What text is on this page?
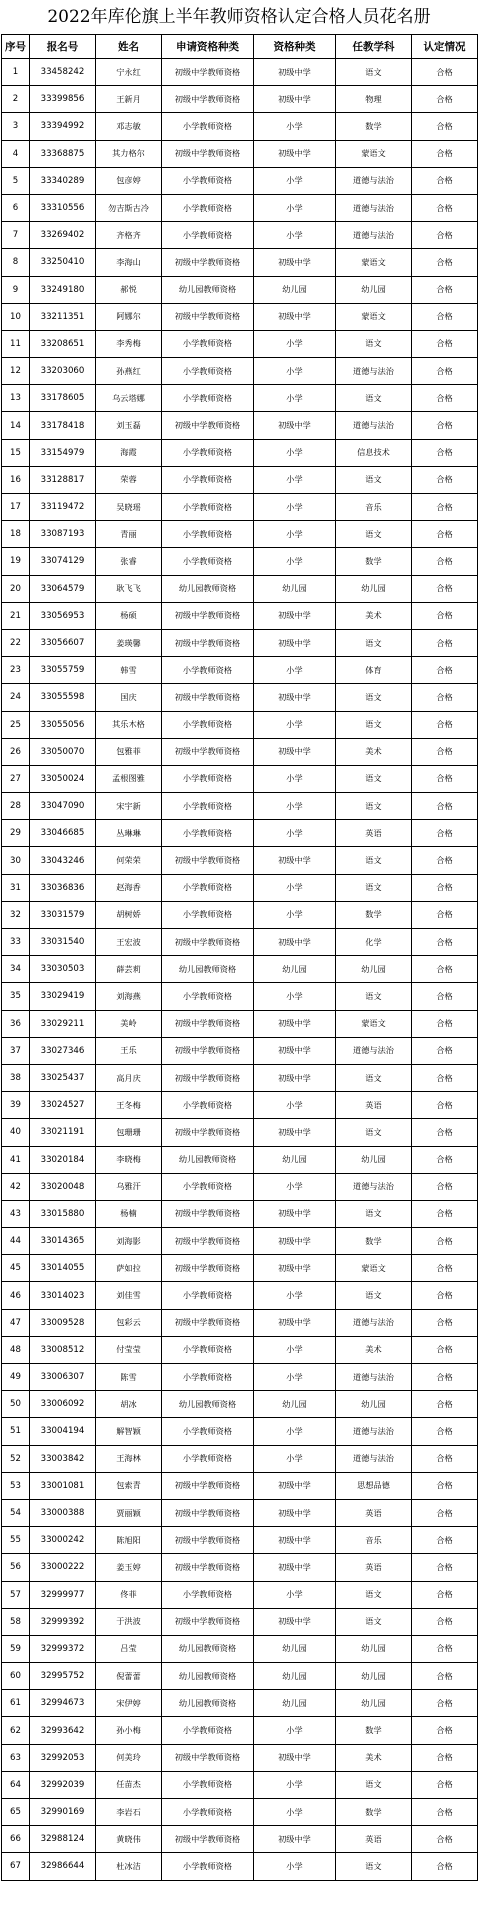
2022年库伦旗上半年教师资格认定合格人员花名册
序号	报名号	姓名	申请资格种类	资格种类	任教学科	认定情况
1	33458242	宁永红	初级中学教师资格	初级中学	语文	合格
2	33399856	王新月	初级中学教师资格	初级中学	物理	合格
3	33394992	邓志敏	小学教师资格	小学	数学	合格
4	33368875	其力格尔	初级中学教师资格	初级中学	蒙语文	合格
5	33340289	包彦婷	小学教师资格	小学	道德与法治	合格
6	33310556	勿吉斯古冷	小学教师资格	小学	道德与法治	合格
7	33269402	齐格齐	小学教师资格	小学	道德与法治	合格
8	33250410	李海山	初级中学教师资格	初级中学	蒙语文	合格
9	33249180	郝悦	幼儿园教师资格	幼儿园	幼儿园	合格
10	33211351	阿娜尔	初级中学教师资格	初级中学	蒙语文	合格
11	33208651	李秀梅	小学教师资格	小学	语文	合格
12	33203060	孙燕红	小学教师资格	小学	道德与法治	合格
13	33178605	乌云塔娜	小学教师资格	小学	语文	合格
14	33178418	刘玉磊	初级中学教师资格	初级中学	道德与法治	合格
15	33154979	海霞	小学教师资格	小学	信息技术	合格
16	33128817	荣蓉	小学教师资格	小学	语文	合格
17	33119472	吴晓瑶	小学教师资格	小学	音乐	合格
18	33087193	青丽	小学教师资格	小学	语文	合格
19	33074129	张睿	小学教师资格	小学	数学	合格
20	33064579	耿飞飞	幼儿园教师资格	幼儿园	幼儿园	合格
21	33056953	杨硕	初级中学教师资格	初级中学	美术	合格
22	33056607	姜瑛馨	初级中学教师资格	初级中学	语文	合格
23	33055759	韩雪	小学教师资格	小学	体育	合格
24	33055598	国庆	初级中学教师资格	初级中学	语文	合格
25	33055056	其乐木格	小学教师资格	小学	语文	合格
26	33050070	包雅菲	初级中学教师资格	初级中学	美术	合格
27	33050024	孟根图雅	小学教师资格	小学	语文	合格
28	33047090	宋宇新	小学教师资格	小学	语文	合格
29	33046685	丛琳琳	小学教师资格	小学	英语	合格
30	33043246	何荣荣	初级中学教师资格	初级中学	语文	合格
31	33036836	赵海香	小学教师资格	小学	语文	合格
32	33031579	胡树娇	小学教师资格	小学	数学	合格
33	33031540	王宏波	初级中学教师资格	初级中学	化学	合格
34	33030503	薛芸莉	幼儿园教师资格	幼儿园	幼儿园	合格
35	33029419	刘海燕	小学教师资格	小学	语文	合格
36	33029211	美岭	初级中学教师资格	初级中学	蒙语文	合格
37	33027346	王乐	初级中学教师资格	初级中学	道德与法治	合格
38	33025437	高月庆	初级中学教师资格	初级中学	语文	合格
39	33024527	王冬梅	小学教师资格	小学	英语	合格
40	33021191	包珊珊	初级中学教师资格	初级中学	语文	合格
41	33020184	李晓梅	幼儿园教师资格	幼儿园	幼儿园	合格
42	33020048	乌雅汗	小学教师资格	小学	道德与法治	合格
43	33015880	杨楠	初级中学教师资格	初级中学	语文	合格
44	33014365	刘海影	初级中学教师资格	初级中学	数学	合格
45	33014055	萨如拉	初级中学教师资格	初级中学	蒙语文	合格
46	33014023	刘佳雪	小学教师资格	小学	语文	合格
47	33009528	包彩云	初级中学教师资格	初级中学	道德与法治	合格
48	33008512	付莹莹	小学教师资格	小学	美术	合格
49	33006307	陈雪	小学教师资格	小学	道德与法治	合格
50	33006092	胡冰	幼儿园教师资格	幼儿园	幼儿园	合格
51	33004194	解智颖	小学教师资格	小学	道德与法治	合格
52	33003842	王海林	小学教师资格	小学	道德与法治	合格
53	33001081	包索青	初级中学教师资格	初级中学	思想品德	合格
54	33000388	贾丽颖	初级中学教师资格	初级中学	英语	合格
55	33000242	陈旭阳	初级中学教师资格	初级中学	音乐	合格
56	33000222	姜玉婷	初级中学教师资格	初级中学	英语	合格
57	32999977	佟菲	小学教师资格	小学	语文	合格
58	32999392	于洪波	初级中学教师资格	初级中学	语文	合格
59	32999372	吕莹	幼儿园教师资格	幼儿园	幼儿园	合格
60	32995752	倪蕾蕾	幼儿园教师资格	幼儿园	幼儿园	合格
61	32994673	宋伊婷	幼儿园教师资格	幼儿园	幼儿园	合格
62	32993642	孙小梅	小学教师资格	小学	数学	合格
63	32992053	何美玲	初级中学教师资格	初级中学	美术	合格
64	32992039	任苗杰	小学教师资格	小学	语文	合格
65	32990169	李岩石	小学教师资格	小学	数学	合格
66	32988124	黄晓伟	初级中学教师资格	初级中学	英语	合格
67	32986644	杜冰洁	小学教师资格	小学	语文	合格
